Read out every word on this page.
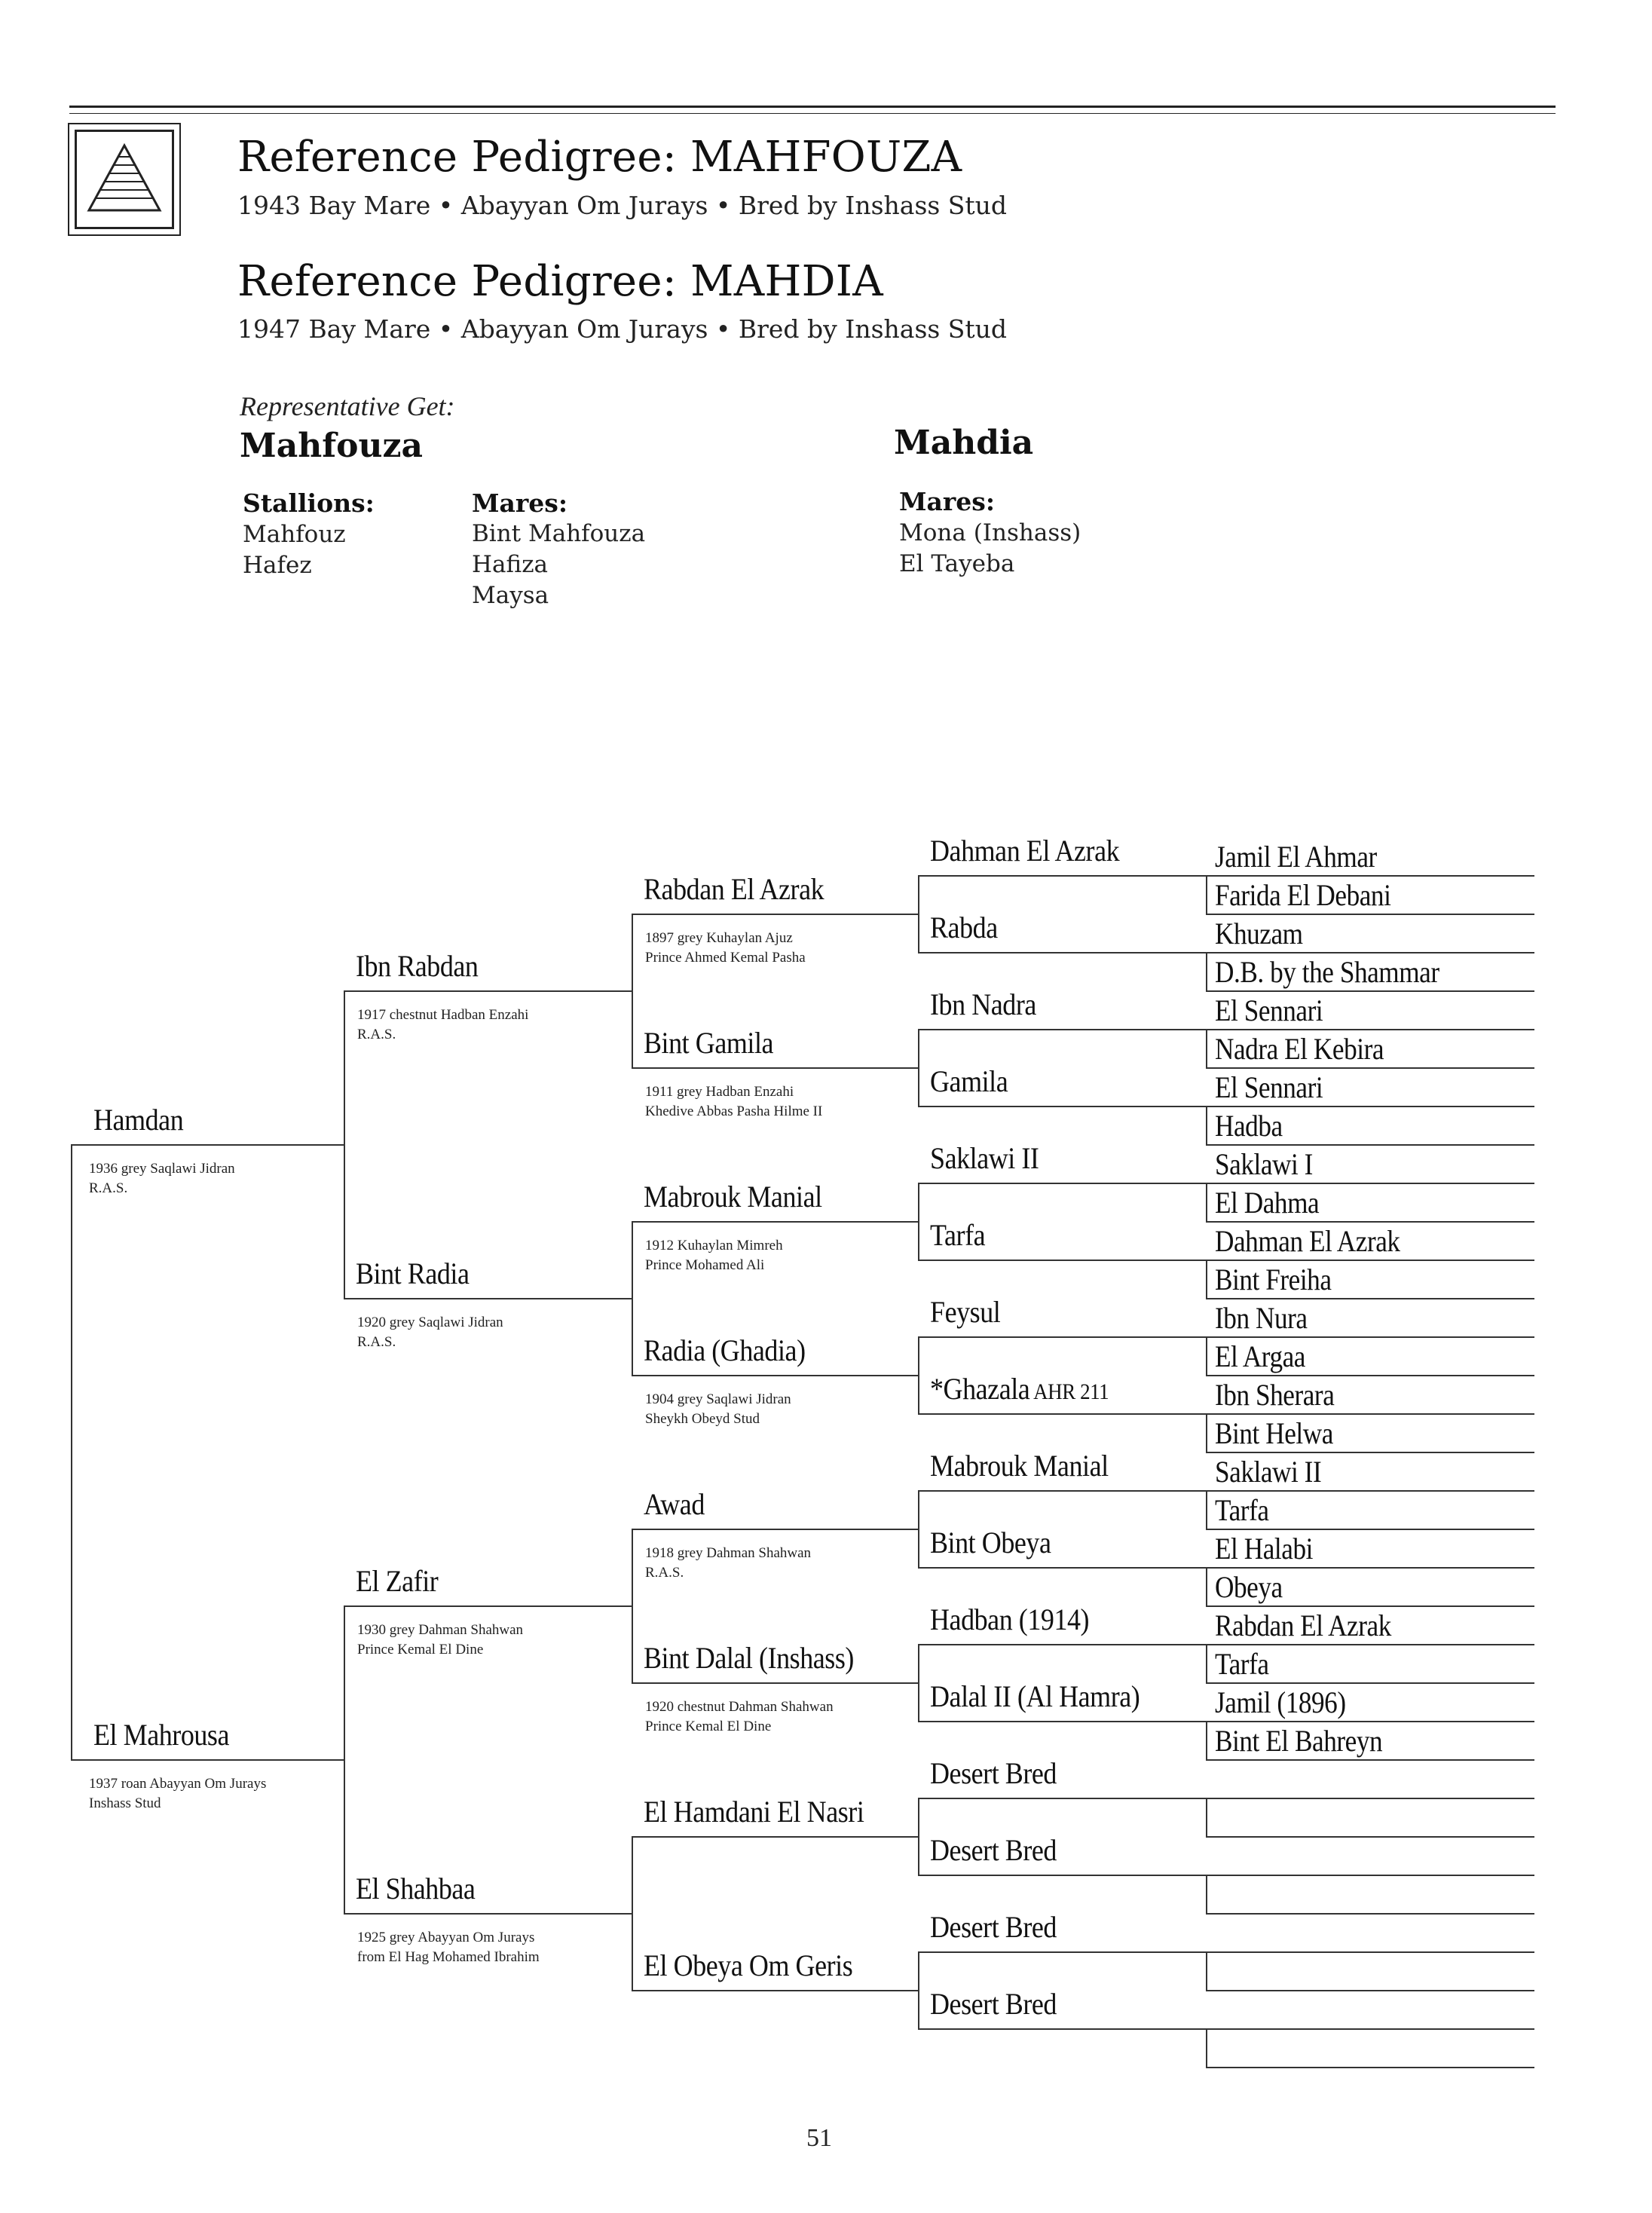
Reference Pedigree: MAHFOUZA
1943 Bay Mare • Abayyan Om Jurays • Bred by Inshass Stud
Reference Pedigree: MAHDIA
1947 Bay Mare • Abayyan Om Jurays • Bred by Inshass Stud
Representative Get:
Mahfouza	Mahdia
Stallions:
Mahfouz
Hafez
Mares:
Bint Mahfouza
Hafiza
Maysa
Mares:
Mona (Inshass)
El Tayeba
Jamil El Ahmar
Farida El Debani
Khuzam
D.B. by the Shammar
El Sennari
Nadra El Kebira
El Sennari
Hadba
Saklawi I
El Dahma
Dahman El Azrak
Bint Freiha
Ibn Nura
El Argaa
Ibn Sherara
Bint Helwa
Saklawi II
Tarfa
El Halabi
Obeya
Rabdan El Azrak
Tarfa
Jamil (1896)
Bint El Bahreyn
Dahman El Azrak
Rabda
Ibn Nadra
Gamila
Saklawi II
Tarfa
Feysul
*Ghazala AHR 211
Mabrouk Manial
Bint Obeya
Hadban (1914)
Dalal II (Al Hamra)
Desert Bred
Desert Bred
Desert Bred
Desert Bred
Rabdan El Azrak
1897 grey Kuhaylan Ajuz
Prince Ahmed Kemal Pasha
Bint Gamila
1911 grey Hadban Enzahi
Khedive Abbas Pasha Hilme II
Mabrouk Manial
1912 Kuhaylan Mimreh
Prince Mohamed Ali
Radia (Ghadia)
1904 grey Saqlawi Jidran
Sheykh Obeyd Stud
Awad
1918 grey Dahman Shahwan
R.A.S.
Bint Dalal (Inshass)
1920 chestnut Dahman Shahwan
Prince Kemal El Dine
El Hamdani El Nasri
El Obeya Om Geris
Ibn Rabdan
1917 chestnut Hadban Enzahi
R.A.S.
Bint Radia
1920 grey Saqlawi Jidran
R.A.S.
El Zafir
1930 grey Dahman Shahwan
Prince Kemal El Dine
El Shahbaa
1925 grey Abayyan Om Jurays
from El Hag Mohamed Ibrahim
Hamdan
1936 grey Saqlawi Jidran
R.A.S.
El Mahrousa
1937 roan Abayyan Om Jurays
Inshass Stud
51
